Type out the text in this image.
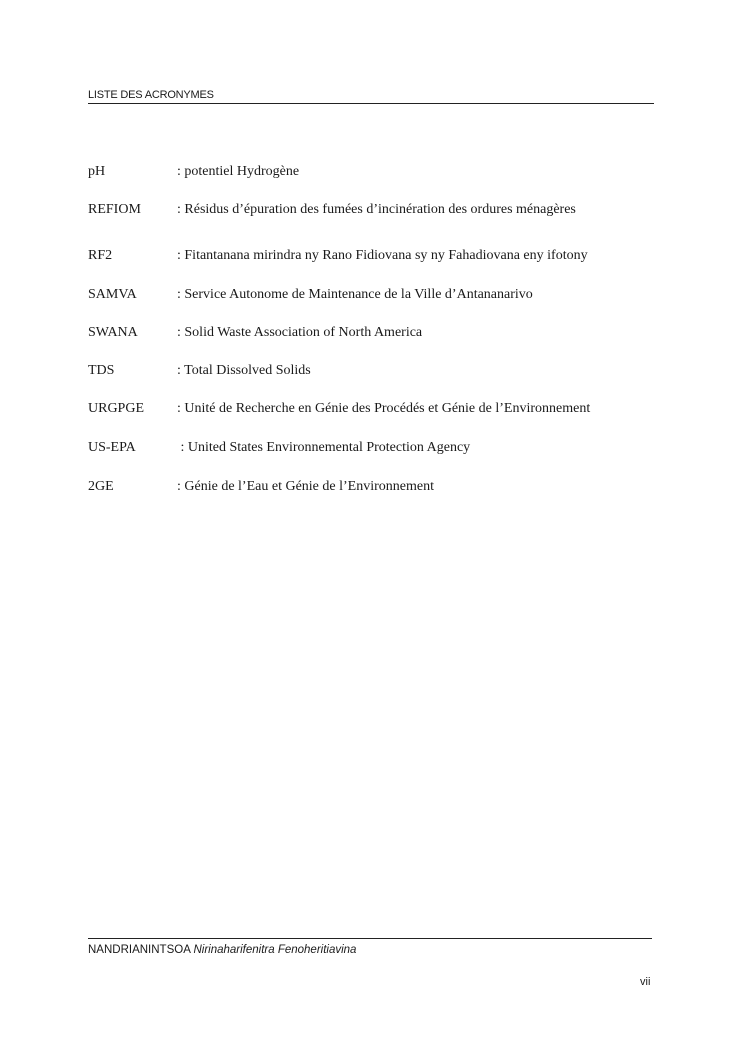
LISTE DES ACRONYMES
pH	: potentiel Hydrogène
REFIOM	: Résidus d’épuration des fumées d’incinération des ordures ménagères
RF2	: Fitantanana mirindra ny Rano Fidiovana sy ny Fahadiovana eny ifotony
SAMVA	: Service Autonome de Maintenance de la Ville d’Antananarivo
SWANA	: Solid Waste Association of North America
TDS	: Total Dissolved Solids
URGPGE : Unité de Recherche en Génie des Procédés et Génie de l’Environnement
US-EPA	: United States Environnemental Protection Agency
2GE	: Génie de l’Eau et Génie de l’Environnement
NANDRIANINTSOA Nirinaharifenitra Fenoheritiavina
vii
